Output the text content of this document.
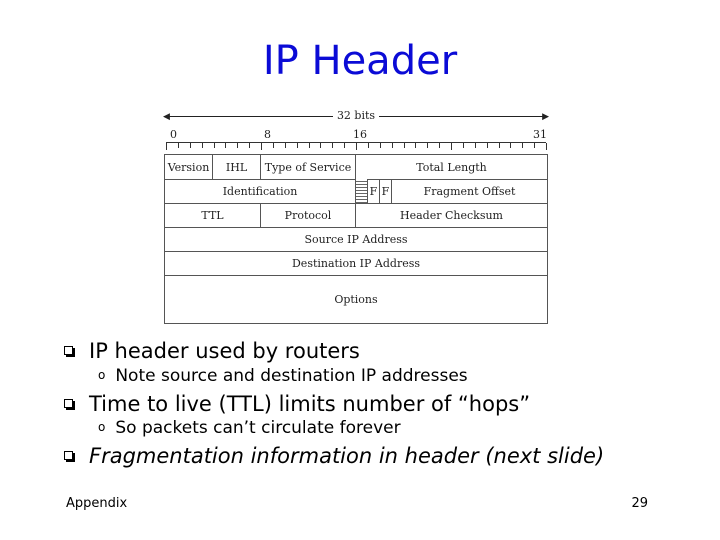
IP Header
◀	▶
32 bits
0	8	16	31
Version	IHL	Type of Service	Total Length
Identification	F F	Fragment Offset
TTL	Protocol	Header Checksum
Source IP Address
Destination IP Address
Options
IP header used by routers
o Note source and destination IP addresses
Time to live (TTL) limits number of “hops”
o So packets can’t circulate forever
Fragmentation information in header (next slide)
Appendix	29
